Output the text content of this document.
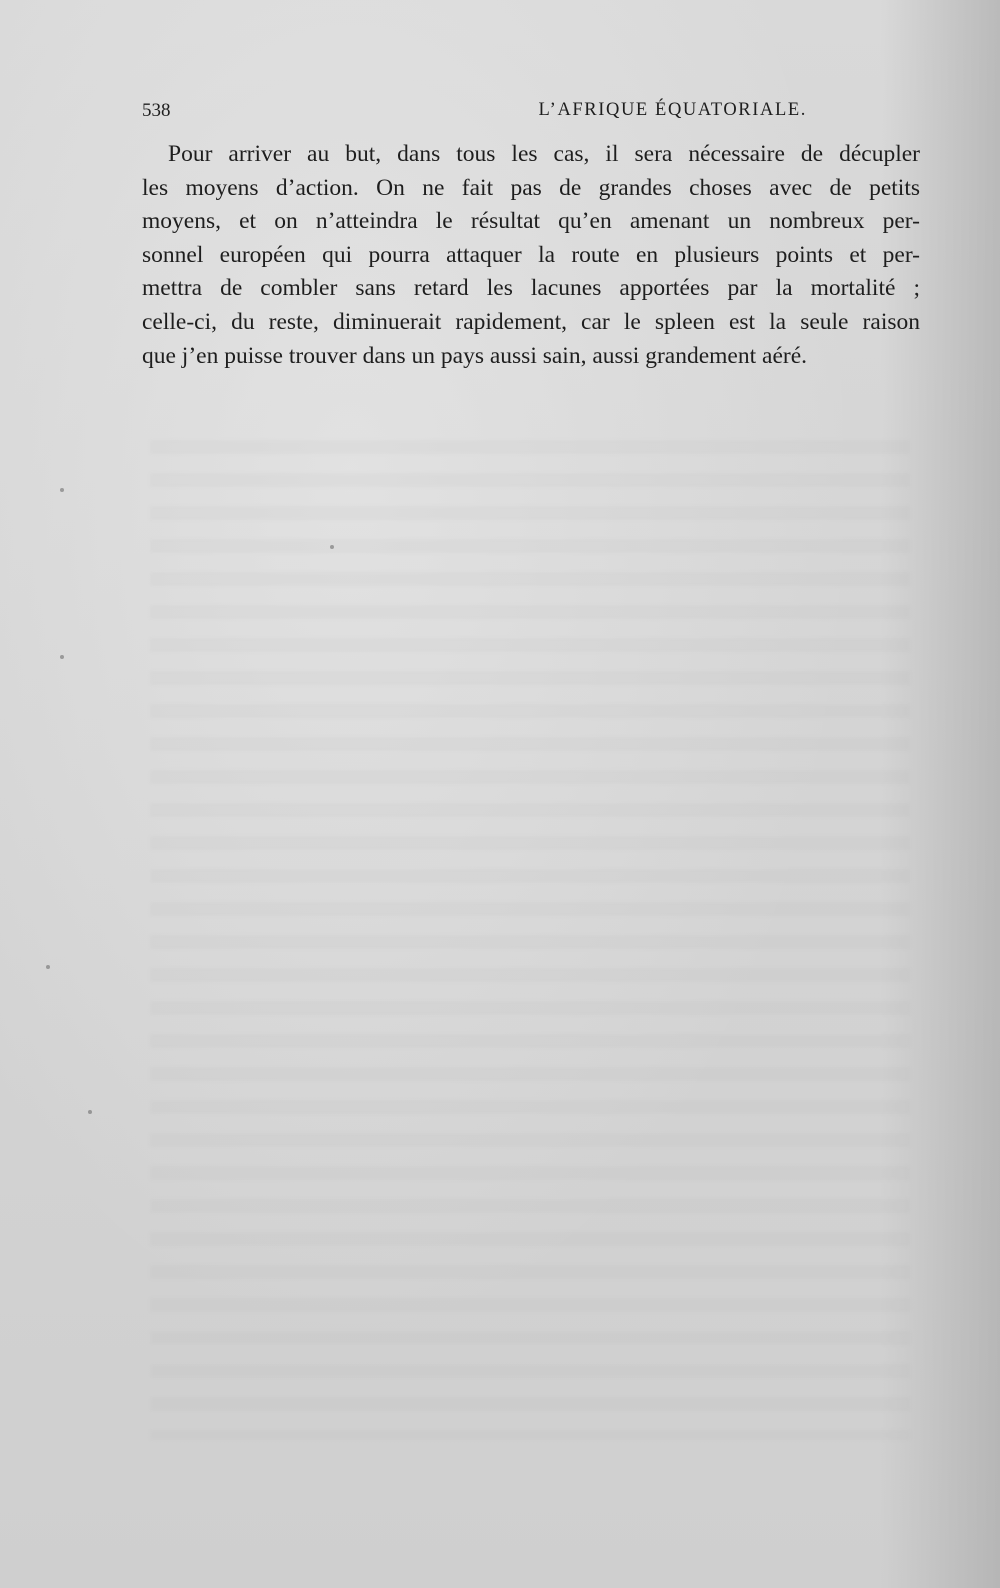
538	L’AFRIQUE ÉQUATORIALE.
Pour arriver au but, dans tous les cas, il sera nécessaire de décupler
les moyens d’action. On ne fait pas de grandes choses avec de petits
moyens, et on n’atteindra le résultat qu’en amenant un nombreux per-
sonnel européen qui pourra attaquer la route en plusieurs points et per-
mettra de combler sans retard les lacunes apportées par la mortalité ;
celle-ci, du reste, diminuerait rapidement, car le spleen est la seule raison
que j’en puisse trouver dans un pays aussi sain, aussi grandement aéré.
